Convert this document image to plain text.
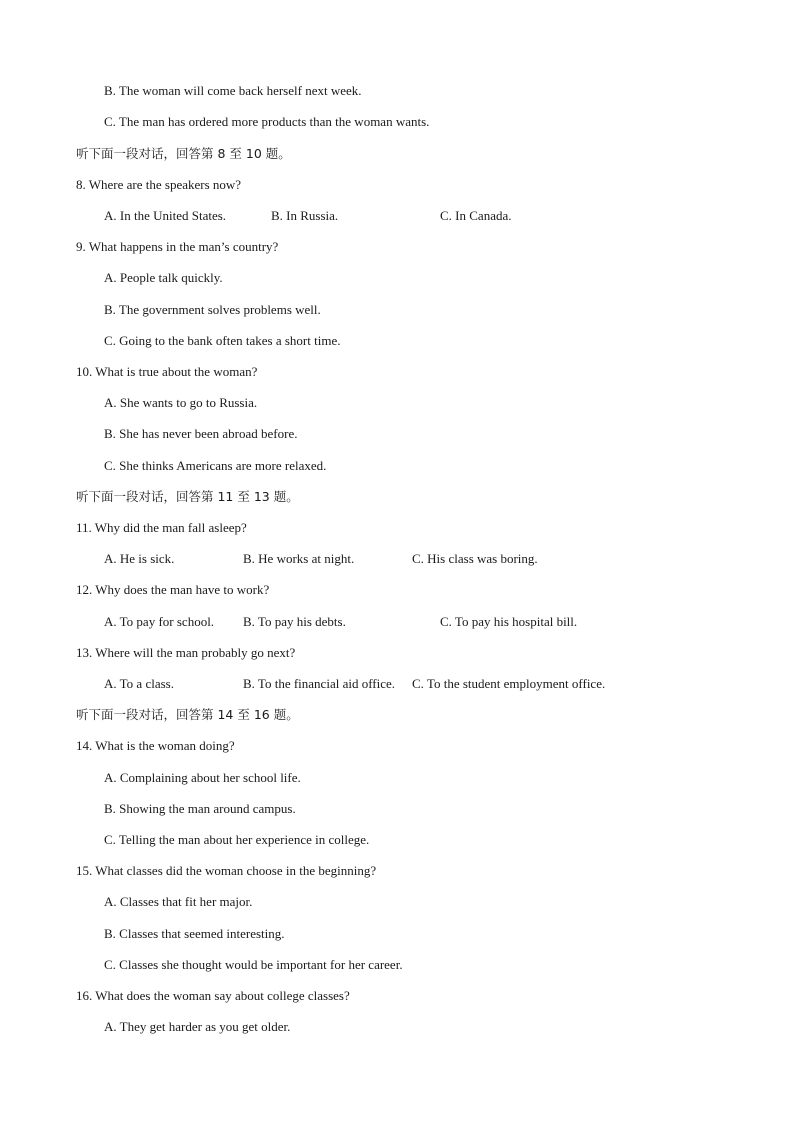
B. The woman will come back herself next week.
C. The man has ordered more products than the woman wants.
听下面一段对话，回答第 8 至 10 题。
8. Where are the speakers now?
A. In the United States.	B. In Russia.	C. In Canada.
9. What happens in the man’s country?
A. People talk quickly.
B. The government solves problems well.
C. Going to the bank often takes a short time.
10. What is true about the woman?
A. She wants to go to Russia.
B. She has never been abroad before.
C. She thinks Americans are more relaxed.
听下面一段对话，回答第 11 至 13 题。
11. Why did the man fall asleep?
A. He is sick.	B. He works at night.	C. His class was boring.
12. Why does the man have to work?
A. To pay for school. B. To pay his debts.	C. To pay his hospital bill.
13. Where will the man probably go next?
A. To a class.	B. To the financial aid office. C. To the student employment office.
听下面一段对话，回答第 14 至 16 题。
14. What is the woman doing?
A. Complaining about her school life.
B. Showing the man around campus.
C. Telling the man about her experience in college.
15. What classes did the woman choose in the beginning?
A. Classes that fit her major.
B. Classes that seemed interesting.
C. Classes she thought would be important for her career.
16. What does the woman say about college classes?
A. They get harder as you get older.
